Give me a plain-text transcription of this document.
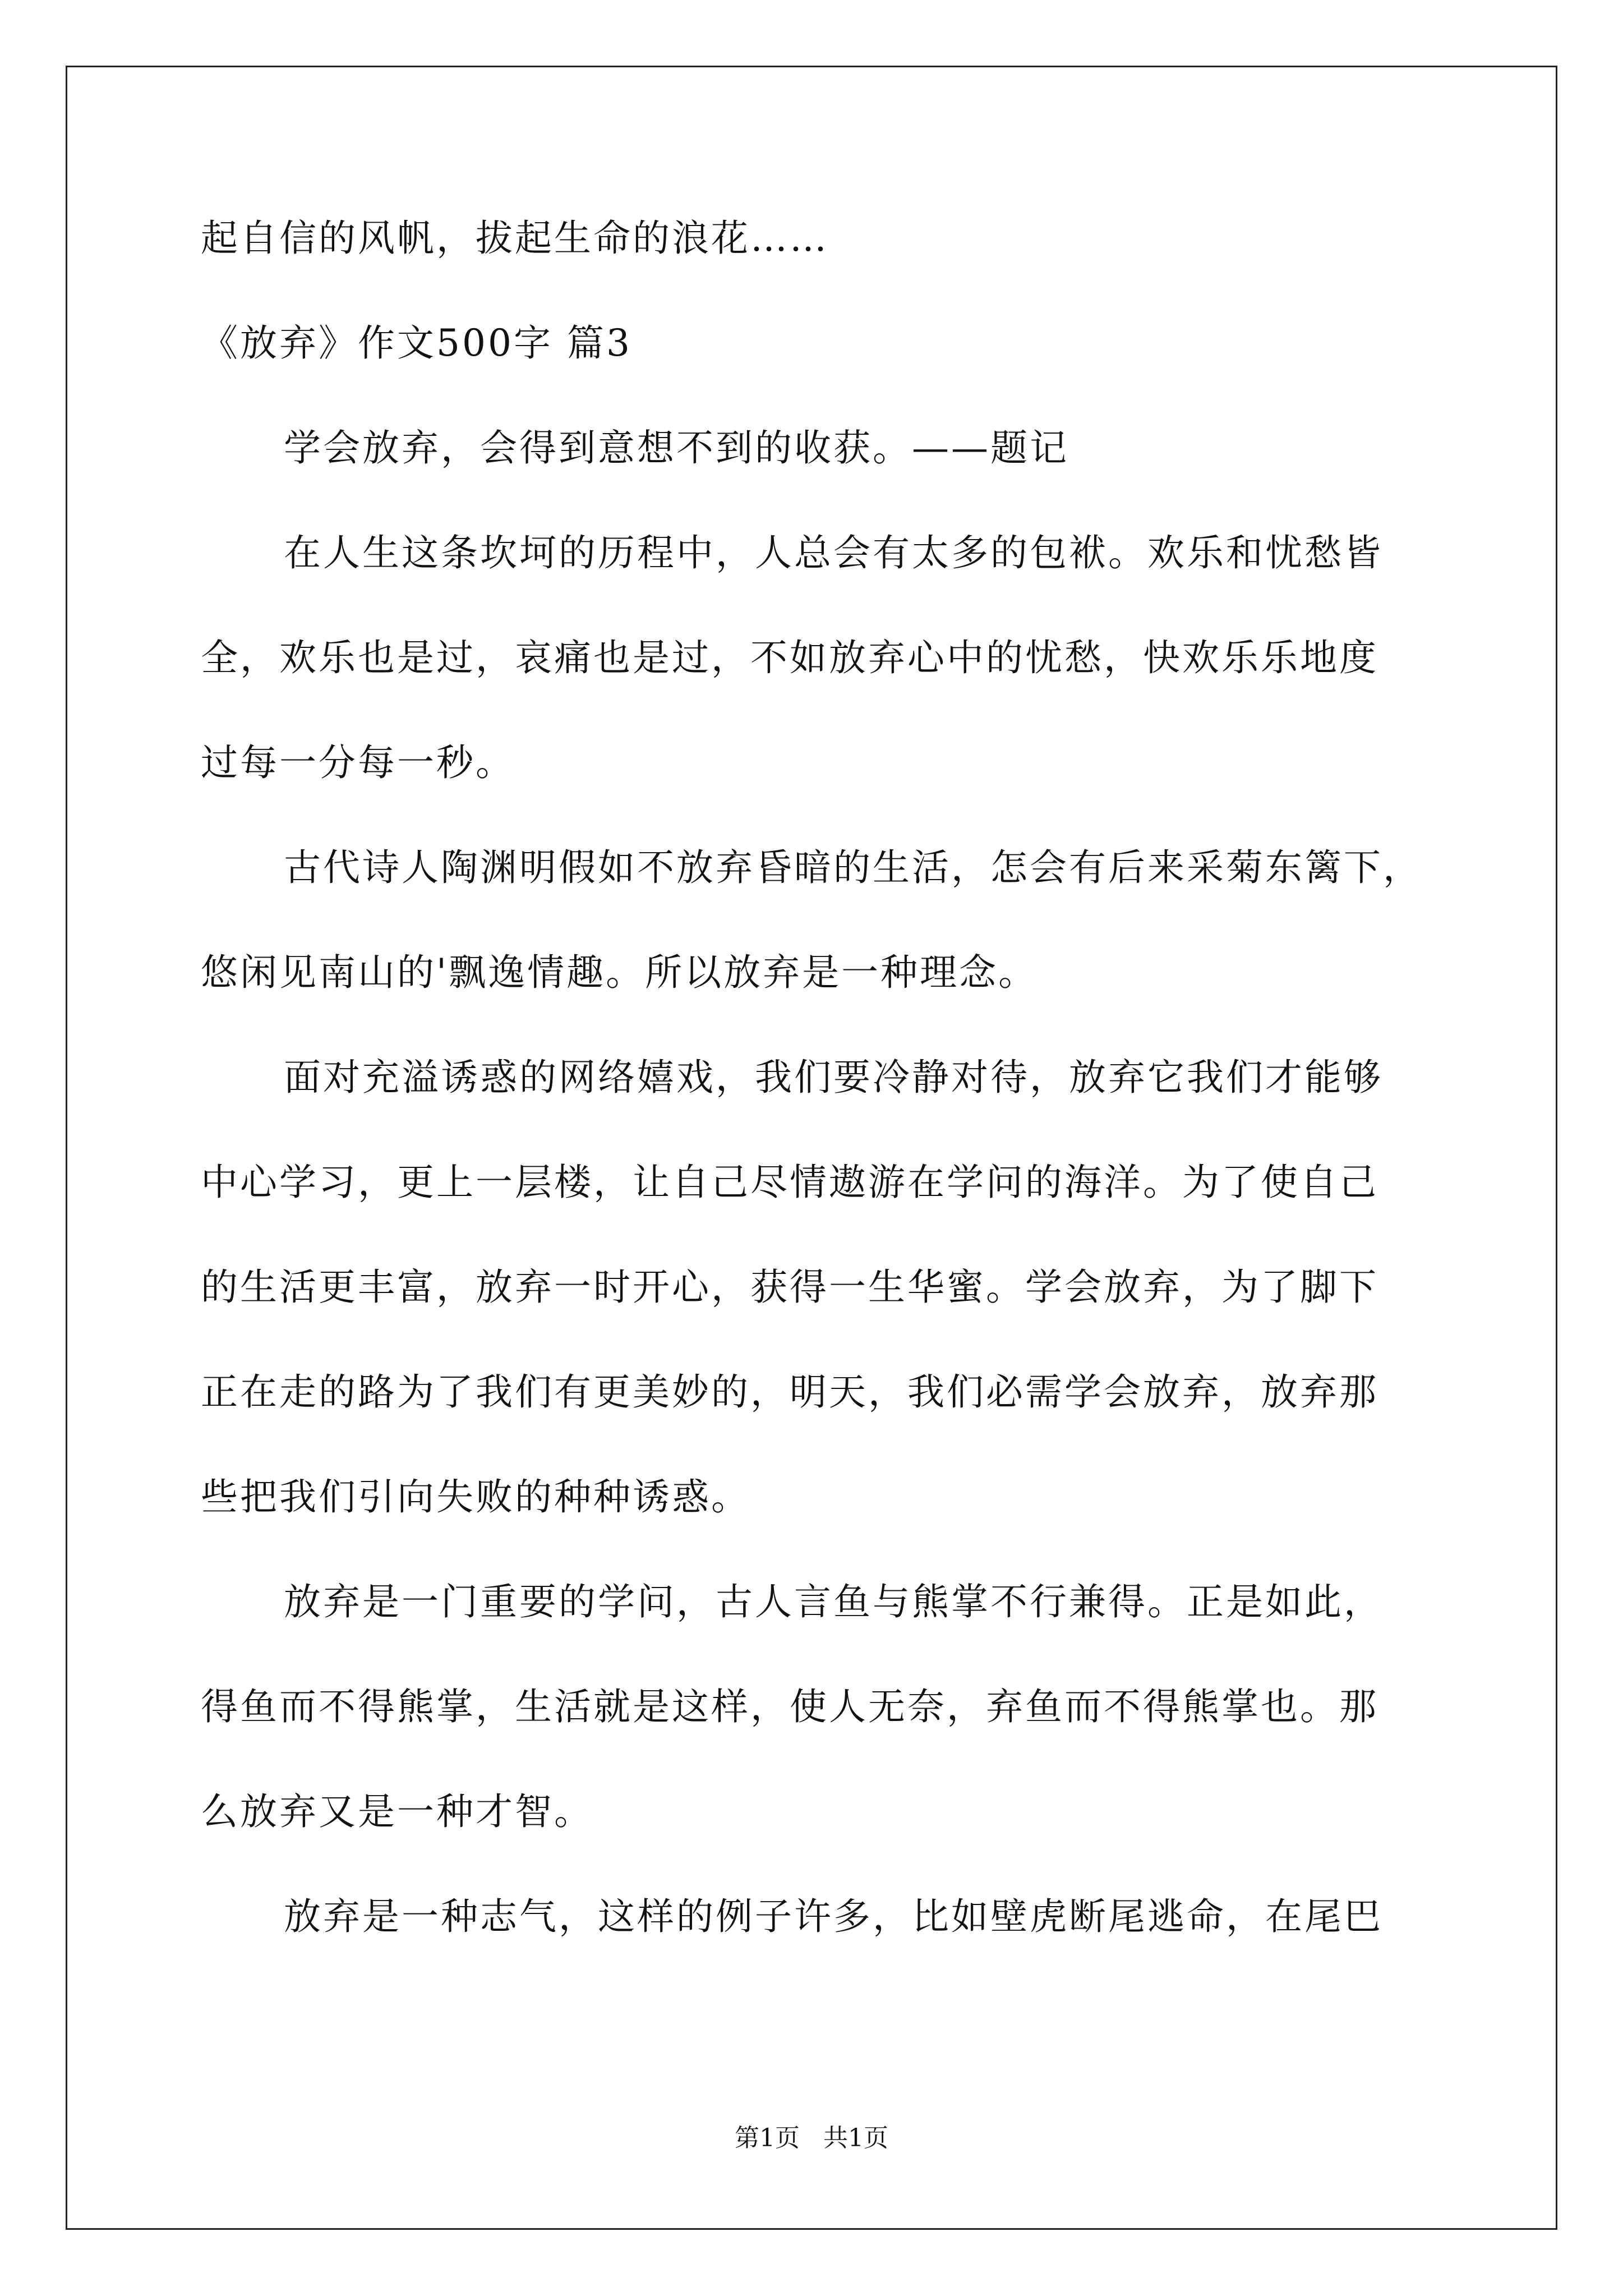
起自信的风帆，拔起生命的浪花……
《放弃》作文500字 篇3
学会放弃，会得到意想不到的收获。——题记
在人生这条坎坷的历程中，人总会有太多的包袱。欢乐和忧愁皆
全，欢乐也是过，哀痛也是过，不如放弃心中的忧愁，快欢乐乐地度
过每一分每一秒。
古代诗人陶渊明假如不放弃昏暗的生活，怎会有后来采菊东篱下，
悠闲见南山的'飘逸情趣。所以放弃是一种理念。
面对充溢诱惑的网络嬉戏，我们要冷静对待，放弃它我们才能够
中心学习，更上一层楼，让自己尽情遨游在学问的海洋。为了使自己
的生活更丰富，放弃一时开心，获得一生华蜜。学会放弃，为了脚下
正在走的路为了我们有更美妙的，明天，我们必需学会放弃，放弃那
些把我们引向失败的种种诱惑。
放弃是一门重要的学问，古人言鱼与熊掌不行兼得。正是如此，
得鱼而不得熊掌，生活就是这样，使人无奈，弃鱼而不得熊掌也。那
么放弃又是一种才智。
放弃是一种志气，这样的例子许多，比如壁虎断尾逃命，在尾巴
第1页   共1页
